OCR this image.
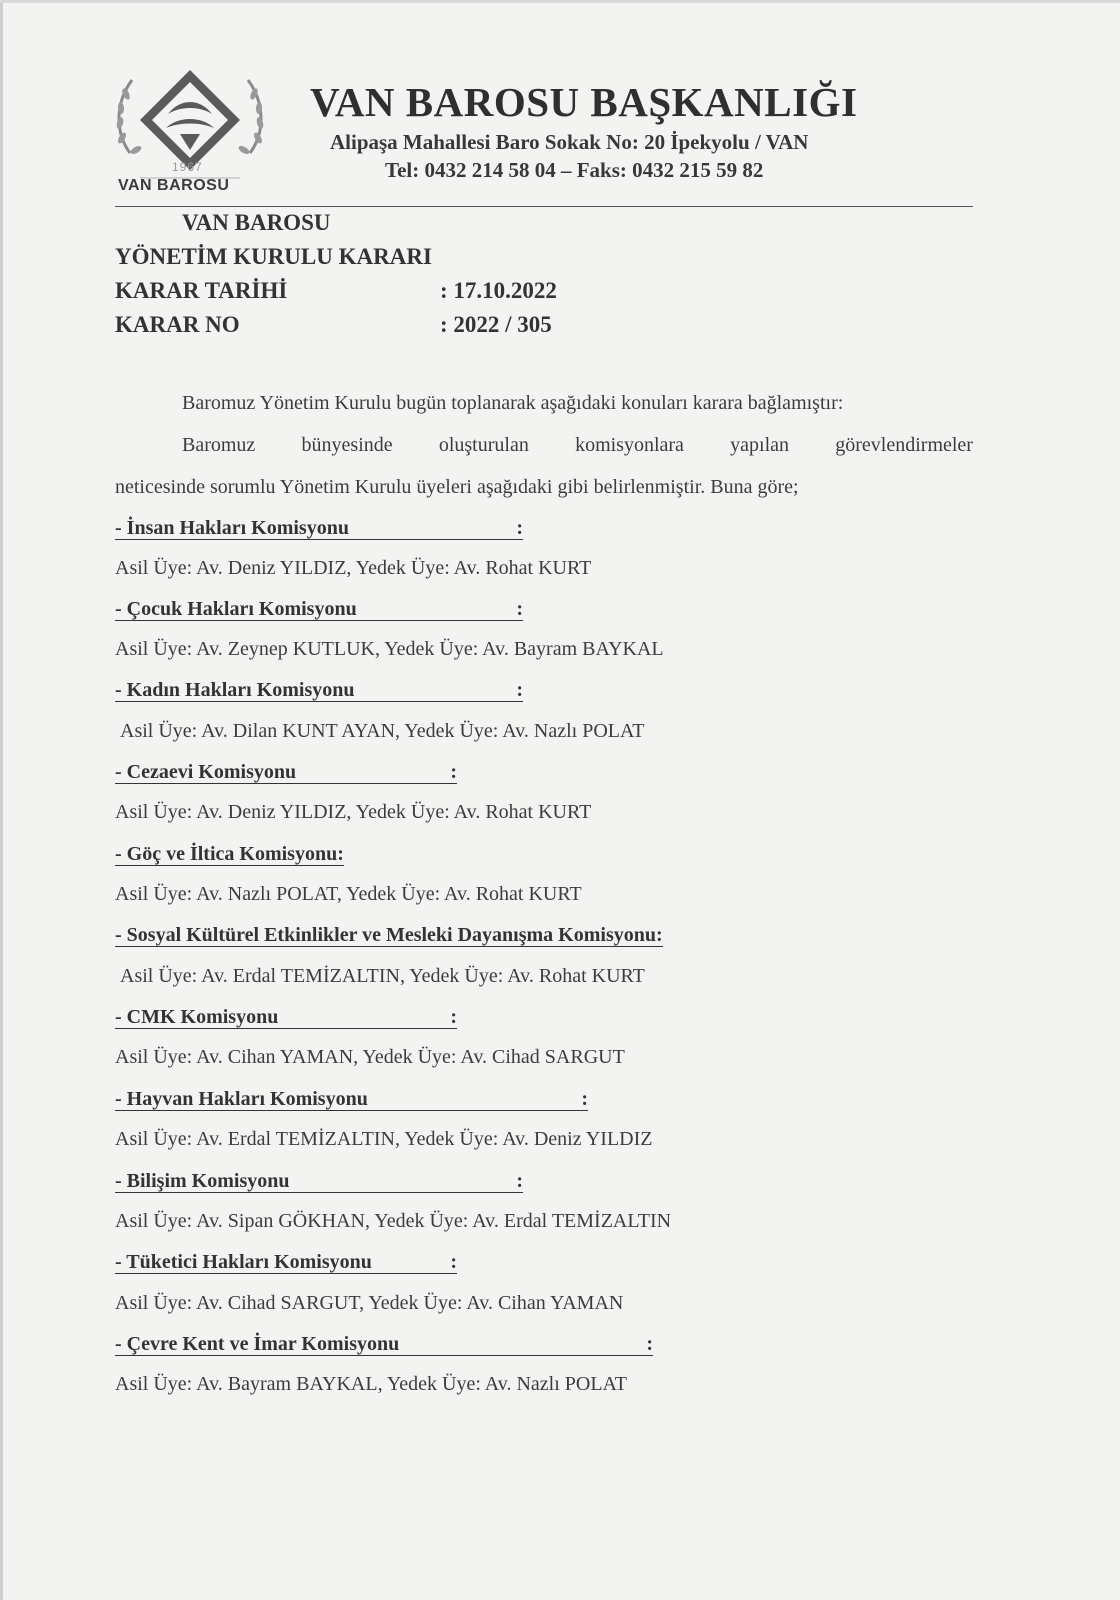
1967
VAN BAROSU
VAN BAROSU BAŞKANLIĞI
Alipaşa Mahallesi Baro Sokak No: 20 İpekyolu / VAN
Tel: 0432 214 58 04 – Faks: 0432 215 59 82
VAN BAROSU
YÖNETİM KURULU KARARI
KARAR TARİHİ	: 17.10.2022
KARAR NO	: 2022 / 305
Baromuz Yönetim Kurulu bugün toplanarak aşağıdaki konuları karara bağlamıştır:
Baromuz bünyesinde oluşturulan komisyonlara yapılan görevlendirmeler
neticesinde sorumlu Yönetim Kurulu üyeleri aşağıdaki gibi belirlenmiştir. Buna göre;
- İnsan Hakları Komisyonu	:
Asil Üye: Av. Deniz YILDIZ, Yedek Üye: Av. Rohat KURT
- Çocuk Hakları Komisyonu	:
Asil Üye: Av. Zeynep KUTLUK, Yedek Üye: Av. Bayram BAYKAL
- Kadın Hakları Komisyonu	:
Asil Üye: Av. Dilan KUNT AYAN, Yedek Üye: Av. Nazlı POLAT
- Cezaevi Komisyonu	:
Asil Üye: Av. Deniz YILDIZ, Yedek Üye: Av. Rohat KURT
- Göç ve İltica Komisyonu:
Asil Üye: Av. Nazlı POLAT, Yedek Üye: Av. Rohat KURT
- Sosyal Kültürel Etkinlikler ve Mesleki Dayanışma Komisyonu:
Asil Üye: Av. Erdal TEMİZALTIN, Yedek Üye: Av. Rohat KURT
- CMK Komisyonu	:
Asil Üye: Av. Cihan YAMAN, Yedek Üye: Av. Cihad SARGUT
- Hayvan Hakları Komisyonu	:
Asil Üye: Av. Erdal TEMİZALTIN, Yedek Üye: Av. Deniz YILDIZ
- Bilişim Komisyonu	:
Asil Üye: Av. Sipan GÖKHAN, Yedek Üye: Av. Erdal TEMİZALTIN
- Tüketici Hakları Komisyonu	:
Asil Üye: Av. Cihad SARGUT, Yedek Üye: Av. Cihan YAMAN
- Çevre Kent ve İmar Komisyonu	:
Asil Üye: Av. Bayram BAYKAL, Yedek Üye: Av. Nazlı POLAT
